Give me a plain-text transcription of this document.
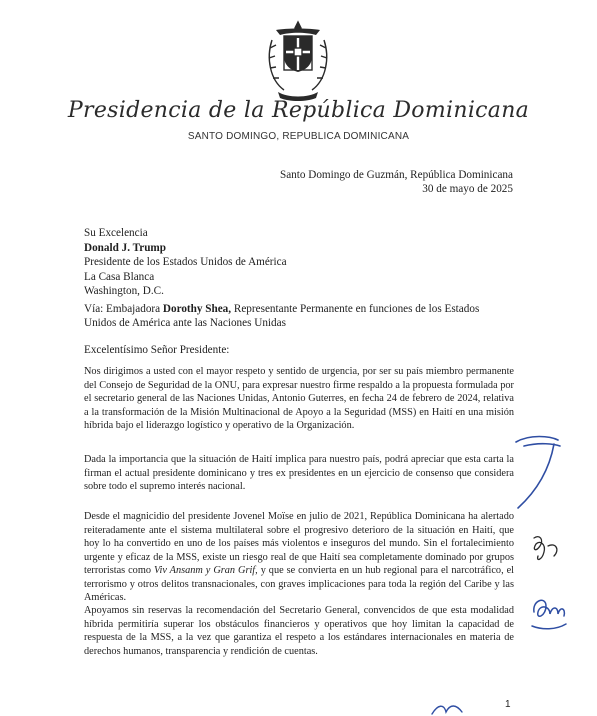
Presidencia de la República Dominicana
SANTO DOMINGO, REPUBLICA DOMINICANA
Santo Domingo de Guzmán, República Dominicana
30 de mayo de 2025
Su Excelencia
Donald J. Trump
Presidente de los Estados Unidos de América
La Casa Blanca
Washington, D.C.
Vía: Embajadora Dorothy Shea, Representante Permanente en funciones de los Estados Unidos de América ante las Naciones Unidas
Excelentísimo Señor Presidente:
Nos dirigimos a usted con el mayor respeto y sentido de urgencia, por ser su país miembro permanente del Consejo de Seguridad de la ONU, para expresar nuestro firme respaldo a la propuesta formulada por el secretario general de las Naciones Unidas, Antonio Guterres, en fecha 24 de febrero de 2024, relativa a la transformación de la Misión Multinacional de Apoyo a la Seguridad (MSS) en Haití en una misión híbrida bajo el liderazgo logístico y operativo de la Organización.
Dada la importancia que la situación de Haití implica para nuestro país, podrá apreciar que esta carta la firman el actual presidente dominicano y tres ex presidentes en un ejercicio de consenso que considera sobre todo el supremo interés nacional.
Desde el magnicidio del presidente Jovenel Moïse en julio de 2021, República Dominicana ha alertado reiteradamente ante el sistema multilateral sobre el progresivo deterioro de la situación en Haití, que hoy lo ha convertido en uno de los países más violentos e inseguros del mundo. Sin el fortalecimiento urgente y eficaz de la MSS, existe un riesgo real de que Haití sea completamente dominado por grupos terroristas como Viv Ansanm y Gran Grif, y que se convierta en un hub regional para el narcotráfico, el terrorismo y otros delitos transnacionales, con graves implicaciones para toda la región del Caribe y las Américas.
Apoyamos sin reservas la recomendación del Secretario General, convencidos de que esta modalidad híbrida permitiría superar los obstáculos financieros y operativos que hoy limitan la capacidad de respuesta de la MSS, a la vez que garantiza el respeto a los estándares internacionales en materia de derechos humanos, transparencia y rendición de cuentas.
1
